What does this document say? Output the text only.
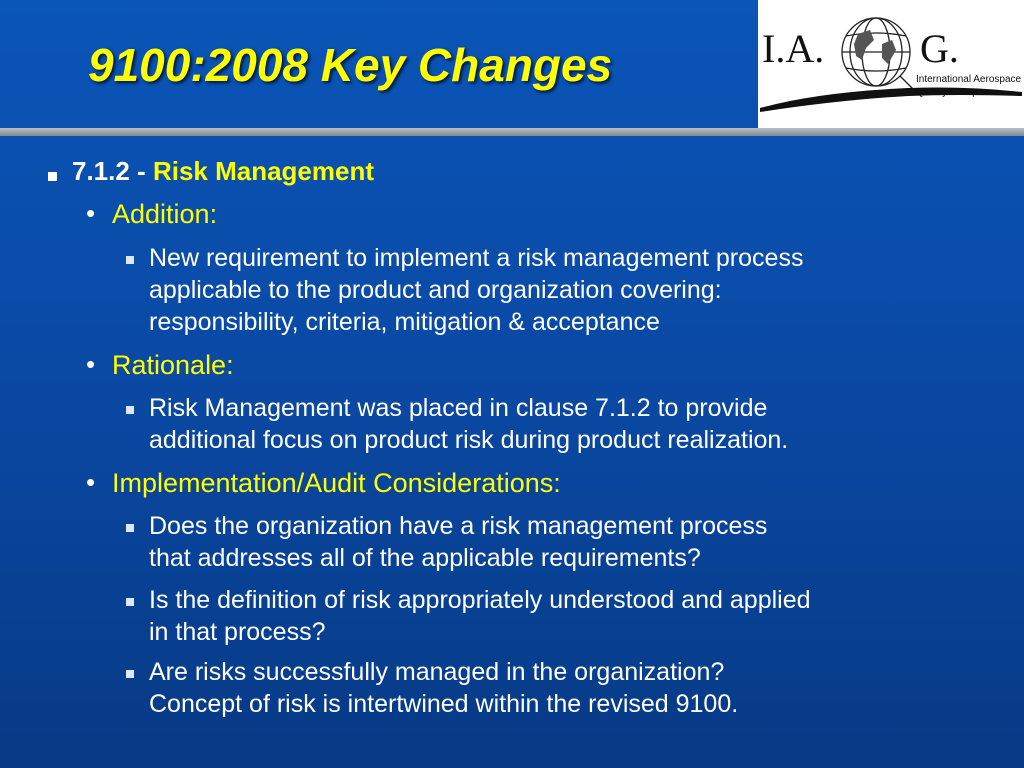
9100:2008 Key Changes	I.A. G.
International Aerospace
Quality Group
7.1.2 - Risk Management
• Addition:
New requirement to implement a risk management process
applicable to the product and organization covering:
responsibility, criteria, mitigation & acceptance
• Rationale:
Risk Management was placed in clause 7.1.2 to provide
additional focus on product risk during product realization.
• Implementation/Audit Considerations:
Does the organization have a risk management process
that addresses all of the applicable requirements?
Is the definition of risk appropriately understood and applied
in that process?
Are risks successfully managed in the organization?
Concept of risk is intertwined within the revised 9100.
